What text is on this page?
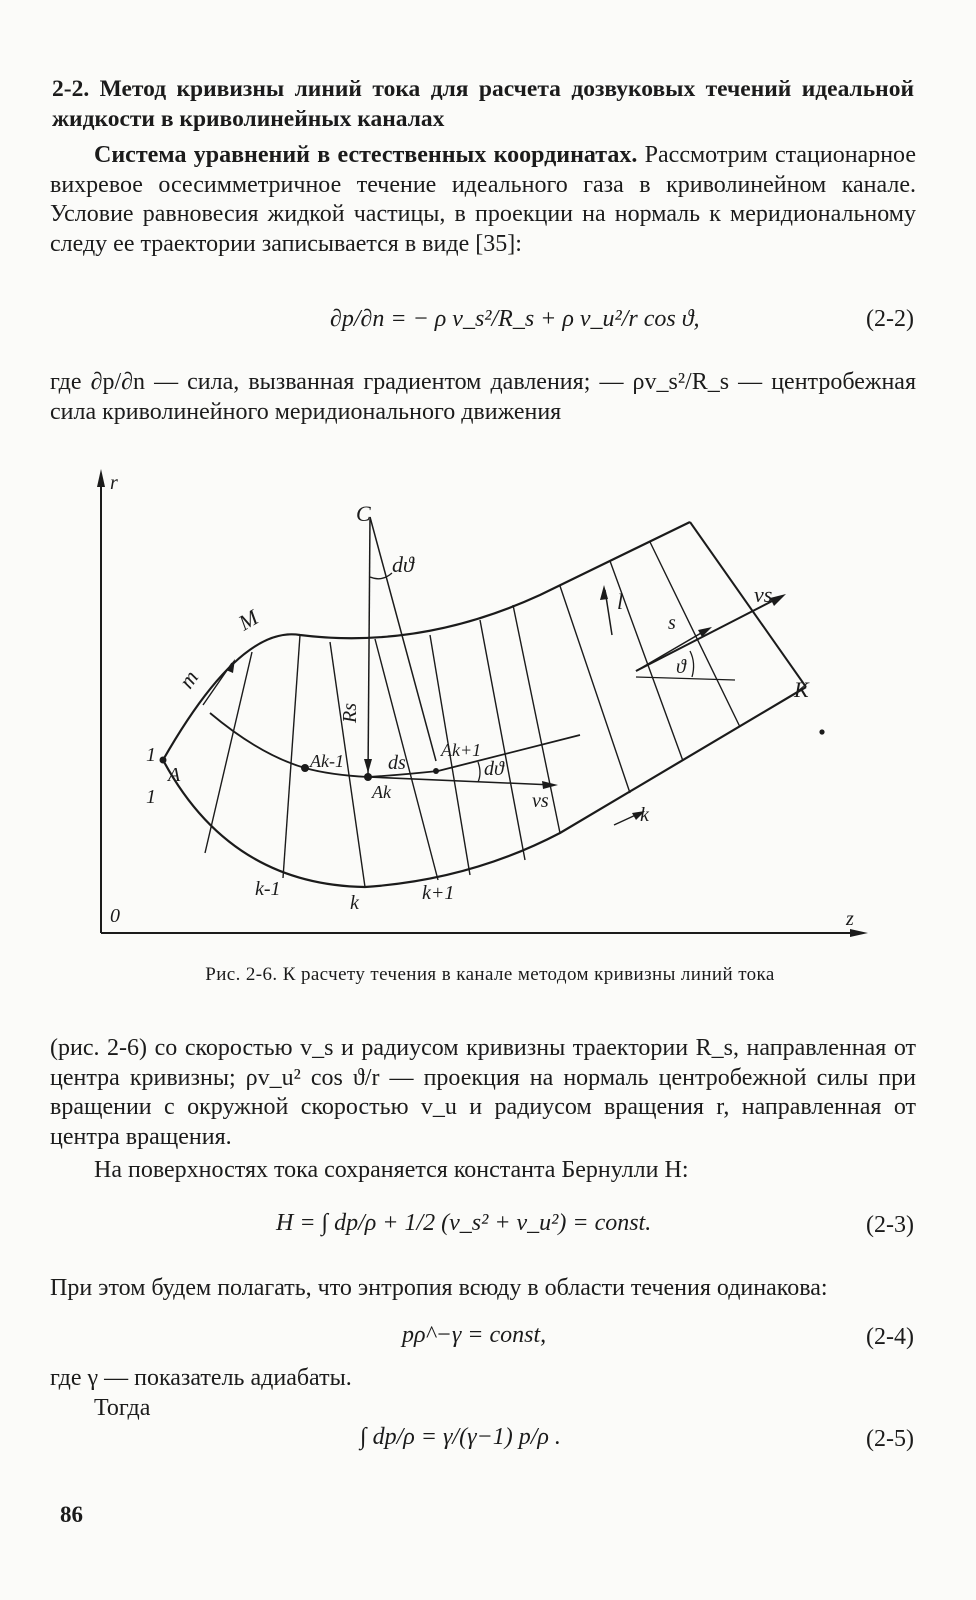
2-2. Метод кривизны линий тока для расчета дозвуковых течений идеальной жидкости в криволинейных каналах
Система уравнений в естественных координатах. Рассмотрим стационарное вихревое осесимметричное течение идеального газа в криволинейном канале. Условие равновесия жидкой частицы, в проекции на нормаль к меридиональному следу ее траектории записывается в виде [35]:
∂p/∂n = − ρ v_s²/R_s + ρ v_u²/r cos ϑ,	(2-2)
где ∂p/∂n — сила, вызванная градиентом давления; — ρv_s²/R_s — центробежная сила криволинейного меридионального движения
r
z
0
C
dϑ
M
m
Rs
Ak-1 ds
Ak+1
dϑ
Ak	vs
1
A
1
k-1
k	k+1
l
s
vs
ϑ
K
k
Рис. 2-6. К расчету течения в канале методом кривизны линий тока
(рис. 2-6) со скоростью v_s и радиусом кривизны траектории R_s, направленная от центра кривизны; ρv_u² cos ϑ/r — проекция на нормаль центробежной силы при вращении с окружной скоростью v_u и радиусом вращения r, направленная от центра вращения.
На поверхностях тока сохраняется константа Бернулли H:
H = ∫ dp/ρ + 1/2 (v_s² + v_u²) = const.	(2-3)
При этом будем полагать, что энтропия всюду в области течения одинакова:
pρ^−γ = const,	(2-4)
где γ — показатель адиабаты.
Тогда
∫ dp/ρ = γ/(γ−1) p/ρ .	(2-5)
86
